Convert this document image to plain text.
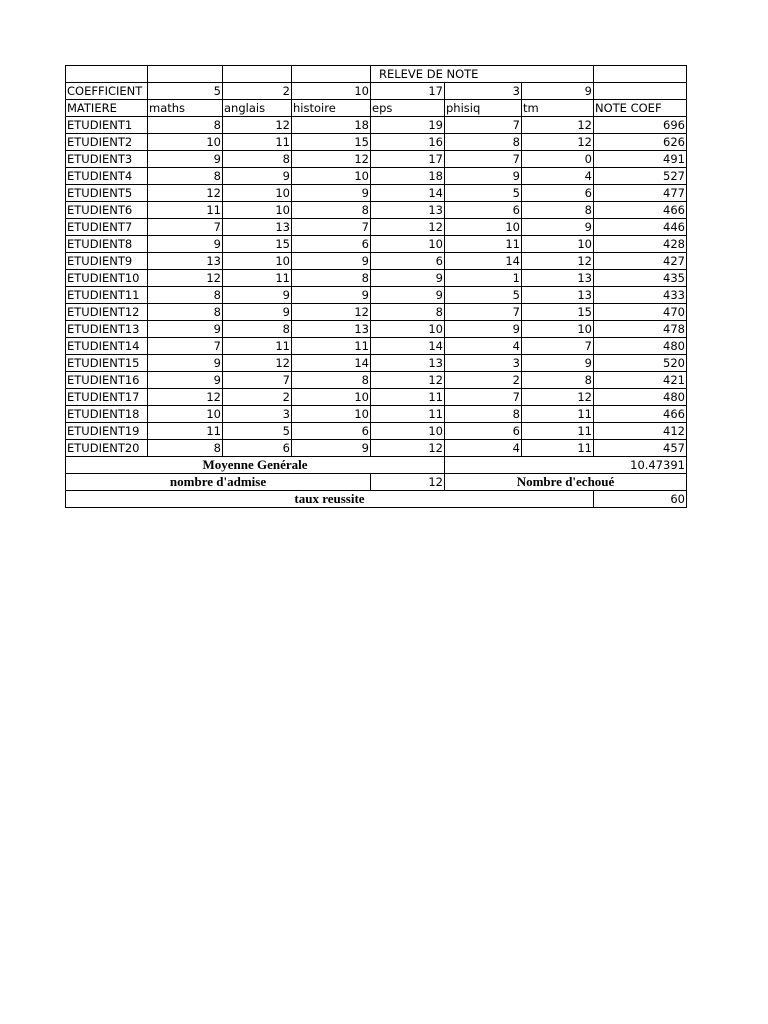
				RELEVE DE NOTE			
COEFFICIENT	5	2	10	17	3	9	
MATIERE	maths	anglais	histoire	eps	phisiq	tm	NOTE COEF
ETUDIENT1	8	12	18	19	7	12	696
ETUDIENT2	10	11	15	16	8	12	626
ETUDIENT3	9	8	12	17	7	0	491
ETUDIENT4	8	9	10	18	9	4	527
ETUDIENT5	12	10	9	14	5	6	477
ETUDIENT6	11	10	8	13	6	8	466
ETUDIENT7	7	13	7	12	10	9	446
ETUDIENT8	9	15	6	10	11	10	428
ETUDIENT9	13	10	9	6	14	12	427
ETUDIENT10	12	11	8	9	1	13	435
ETUDIENT11	8	9	9	9	5	13	433
ETUDIENT12	8	9	12	8	7	15	470
ETUDIENT13	9	8	13	10	9	10	478
ETUDIENT14	7	11	11	14	4	7	480
ETUDIENT15	9	12	14	13	3	9	520
ETUDIENT16	9	7	8	12	2	8	421
ETUDIENT17	12	2	10	11	7	12	480
ETUDIENT18	10	3	10	11	8	11	466
ETUDIENT19	11	5	6	10	6	11	412
ETUDIENT20	8	6	9	12	4	11	457
Moyenne Genérale					10.47391		
nombre d'admise				12	Nombre d'echoué		
taux reussite							60
